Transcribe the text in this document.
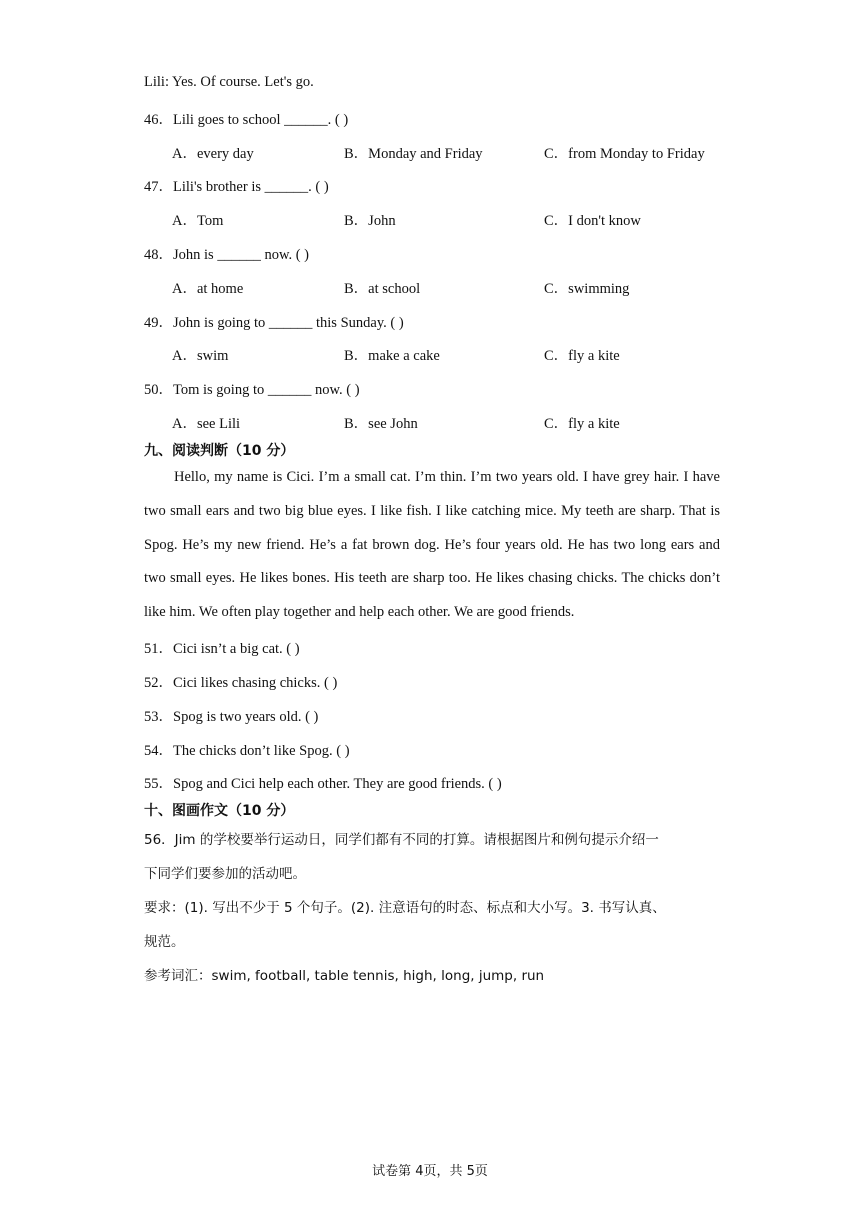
Lili: Yes. Of course. Let's go.
46．Lili goes to school ______. ( )
A．every day	B．Monday and Friday	C．from Monday to Friday
47．Lili's brother is ______. ( )
A．Tom	B．John	C．I don't know
48．John is ______ now. ( )
A．at home	B．at school	C．swimming
49．John is going to ______ this Sunday. ( )
A．swim	B．make a cake	C．fly a kite
50．Tom is going to ______ now. ( )
A．see Lili	B．see John	C．fly a kite
九、阅读判断（10 分）
Hello, my name is Cici. I’m a small cat. I’m thin. I’m two years old. I have grey hair. I have two small ears and two big blue eyes. I like fish. I like catching mice. My teeth are sharp. That is Spog. He’s my new friend. He’s a fat brown dog. He’s four years old. He has two long ears and two small eyes. He likes bones. His teeth are sharp too. He likes chasing chicks. The chicks don’t like him. We often play together and help each other. We are good friends.
51．Cici isn’t a big cat. ( )
52．Cici likes chasing chicks. ( )
53．Spog is two years old. ( )
54．The chicks don’t like Spog. ( )
55．Spog and Cici help each other. They are good friends. ( )
十、图画作文（10 分）
56．Jim 的学校要举行运动日，同学们都有不同的打算。请根据图片和例句提示介绍一
下同学们要参加的活动吧。
要求：(1). 写出不少于 5 个句子。(2). 注意语句的时态、标点和大小写。3. 书写认真、
规范。
参考词汇：swim, football, table tennis, high, long, jump, run
试卷第 4页，共 5页
